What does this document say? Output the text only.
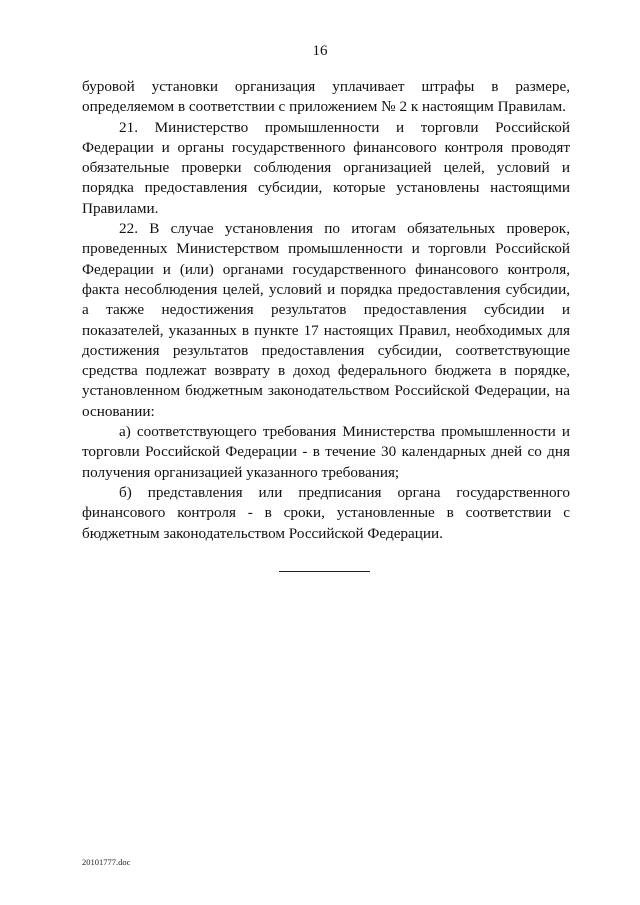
16

буровой установки организация уплачивает штрафы в размере, определяемом в соответствии с приложением № 2 к настоящим Правилам.

21. Министерство промышленности и торговли Российской Федерации и органы государственного финансового контроля проводят обязательные проверки соблюдения организацией целей, условий и порядка предоставления субсидии, которые установлены настоящими Правилами.

22. В случае установления по итогам обязательных проверок, проведенных Министерством промышленности и торговли Российской Федерации и (или) органами государственного финансового контроля, факта несоблюдения целей, условий и порядка предоставления субсидии, а также недостижения результатов предоставления субсидии и показателей, указанных в пункте 17 настоящих Правил, необходимых для достижения результатов предоставления субсидии, соответствующие средства подлежат возврату в доход федерального бюджета в порядке, установленном бюджетным законодательством Российской Федерации, на основании:

а) соответствующего требования Министерства промышленности и торговли Российской Федерации - в течение 30 календарных дней со дня получения организацией указанного требования;

б) представления или предписания органа государственного финансового контроля - в сроки, установленные в соответствии с бюджетным законодательством Российской Федерации.

20101777.doc
